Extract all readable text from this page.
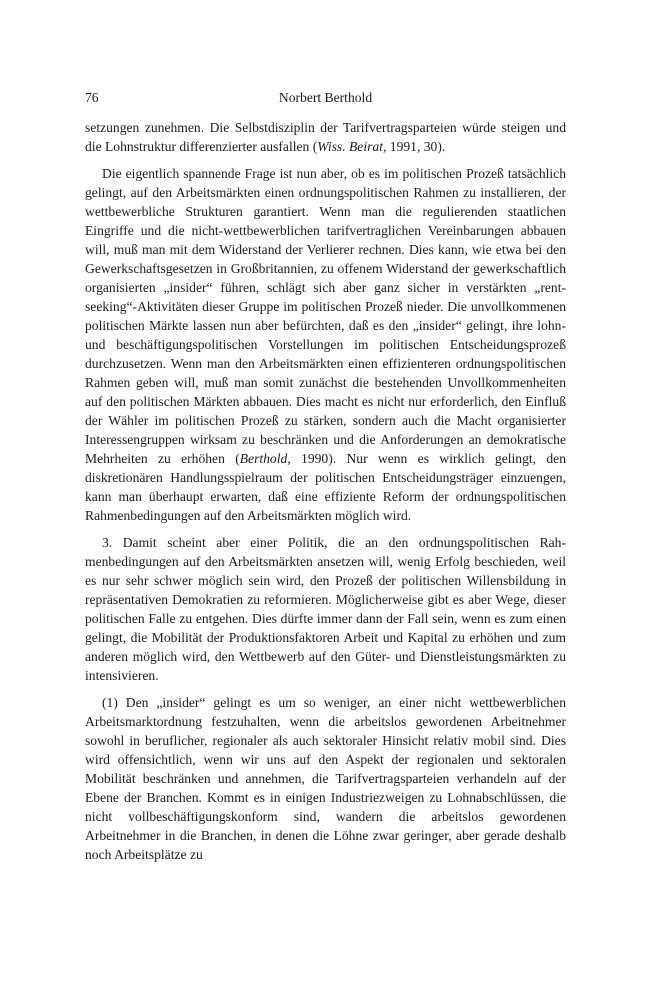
76	Norbert Berthold

setzungen zunehmen. Die Selbstdisziplin der Tarifvertragsparteien würde steigen und die Lohnstruktur differenzierter ausfallen (Wiss. Beirat, 1991, 30).

Die eigentlich spannende Frage ist nun aber, ob es im politischen Prozeß tatsächlich gelingt, auf den Arbeitsmärkten einen ordnungspolitischen Rahmen zu installieren, der wettbewerbliche Strukturen garantiert. Wenn man die regulierenden staatlichen Eingriffe und die nicht-wettbewerblichen tarifvertraglichen Vereinbarungen abbauen will, muß man mit dem Widerstand der Verlierer rechnen. Dies kann, wie etwa bei den Gewerkschaftsgesetzen in Großbritannien, zu offenem Widerstand der gewerkschaftlich organisierten „insider“ führen, schlägt sich aber ganz sicher in verstärkten „rent-seeking“-Aktivitäten dieser Gruppe im politischen Prozeß nieder. Die unvollkommenen politischen Märkte lassen nun aber befürchten, daß es den „insider“ gelingt, ihre lohn- und beschäftigungspolitischen Vorstellungen im politischen Entscheidungsprozeß durchzusetzen. Wenn man den Arbeitsmärkten einen effizienteren ordnungspolitischen Rahmen geben will, muß man somit zunächst die bestehenden Unvollkommenheiten auf den politischen Märkten abbauen. Dies macht es nicht nur erforderlich, den Einfluß der Wähler im politischen Prozeß zu stärken, sondern auch die Macht organisierter Interessengruppen wirksam zu beschränken und die Anforderungen an demokratische Mehrheiten zu erhöhen (Berthold, 1990). Nur wenn es wirklich gelingt, den diskretionären Handlungsspielraum der politischen Entscheidungsträger einzuengen, kann man überhaupt erwarten, daß eine effiziente Reform der ordnungspolitischen Rahmenbedingungen auf den Arbeitsmärkten möglich wird.

3. Damit scheint aber einer Politik, die an den ordnungspolitischen Rahmenbedingungen auf den Arbeitsmärkten ansetzen will, wenig Erfolg beschieden, weil es nur sehr schwer möglich sein wird, den Prozeß der politischen Willensbildung in repräsentativen Demokratien zu reformieren. Möglicherweise gibt es aber Wege, dieser politischen Falle zu entgehen. Dies dürfte immer dann der Fall sein, wenn es zum einen gelingt, die Mobilität der Produktionsfaktoren Arbeit und Kapital zu erhöhen und zum anderen möglich wird, den Wettbewerb auf den Güter- und Dienstleistungsmärkten zu intensivieren.

(1) Den „insider“ gelingt es um so weniger, an einer nicht wettbewerblichen Arbeitsmarktordnung festzuhalten, wenn die arbeitslos gewordenen Arbeitnehmer sowohl in beruflicher, regionaler als auch sektoraler Hinsicht relativ mobil sind. Dies wird offensichtlich, wenn wir uns auf den Aspekt der regionalen und sektoralen Mobilität beschränken und annehmen, die Tarifvertragsparteien verhandeln auf der Ebene der Branchen. Kommt es in einigen Industriezweigen zu Lohnabschlüssen, die nicht vollbeschäftigungskonform sind, wandern die arbeitslos gewordenen Arbeitnehmer in die Branchen, in denen die Löhne zwar geringer, aber gerade deshalb noch Arbeitsplätze zu
